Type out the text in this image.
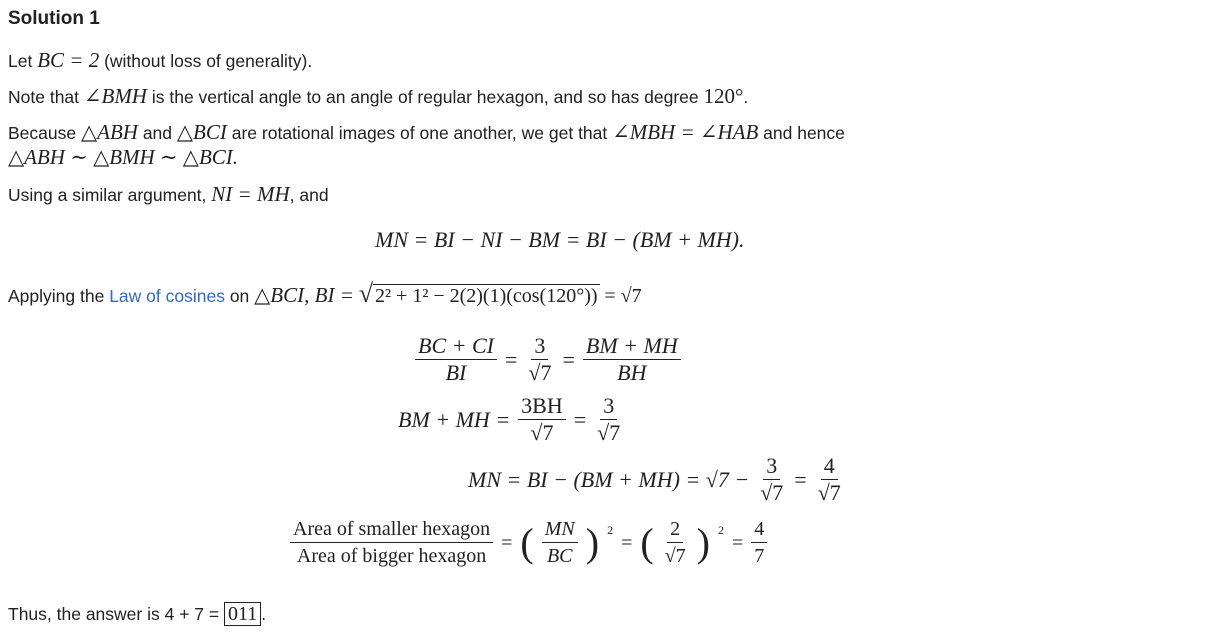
Solution 1
Let BC = 2 (without loss of generality).
Note that ∠BMH is the vertical angle to an angle of regular hexagon, and so has degree 120°.
Because △ABH and △BCI are rotational images of one another, we get that ∠MBH = ∠HAB and hence
△ABH ∼ △BMH ∼ △BCI.
Using a similar argument, NI = MH, and
MN = BI − NI − BM = BI − (BM + MH).
Applying the Law of cosines on △BCI, BI = √ 2² + 1² − 2(2)(1)(cos(120°)) = √7
$\frac{BC + CI}{BI} = \frac{3}{√7} = \frac{BM + MH}{BH}$
BM + MH = $\frac{3BH}{√7} = \frac{3}{√7}$
MN = BI − $(BM + MH) = √7 - \frac{3}{√7} = \frac{4}{√7}$
$\frac{\text{Area of smaller hexagon}}{\text{Area of bigger hexagon}}$ = ( $\frac{MN}{BC}$ ) $^2$
= ( $\frac{2}{√7}$ ) $^2$
= $\frac{4}{7}$
Thus, the answer is 4 + 7 = 011 .
